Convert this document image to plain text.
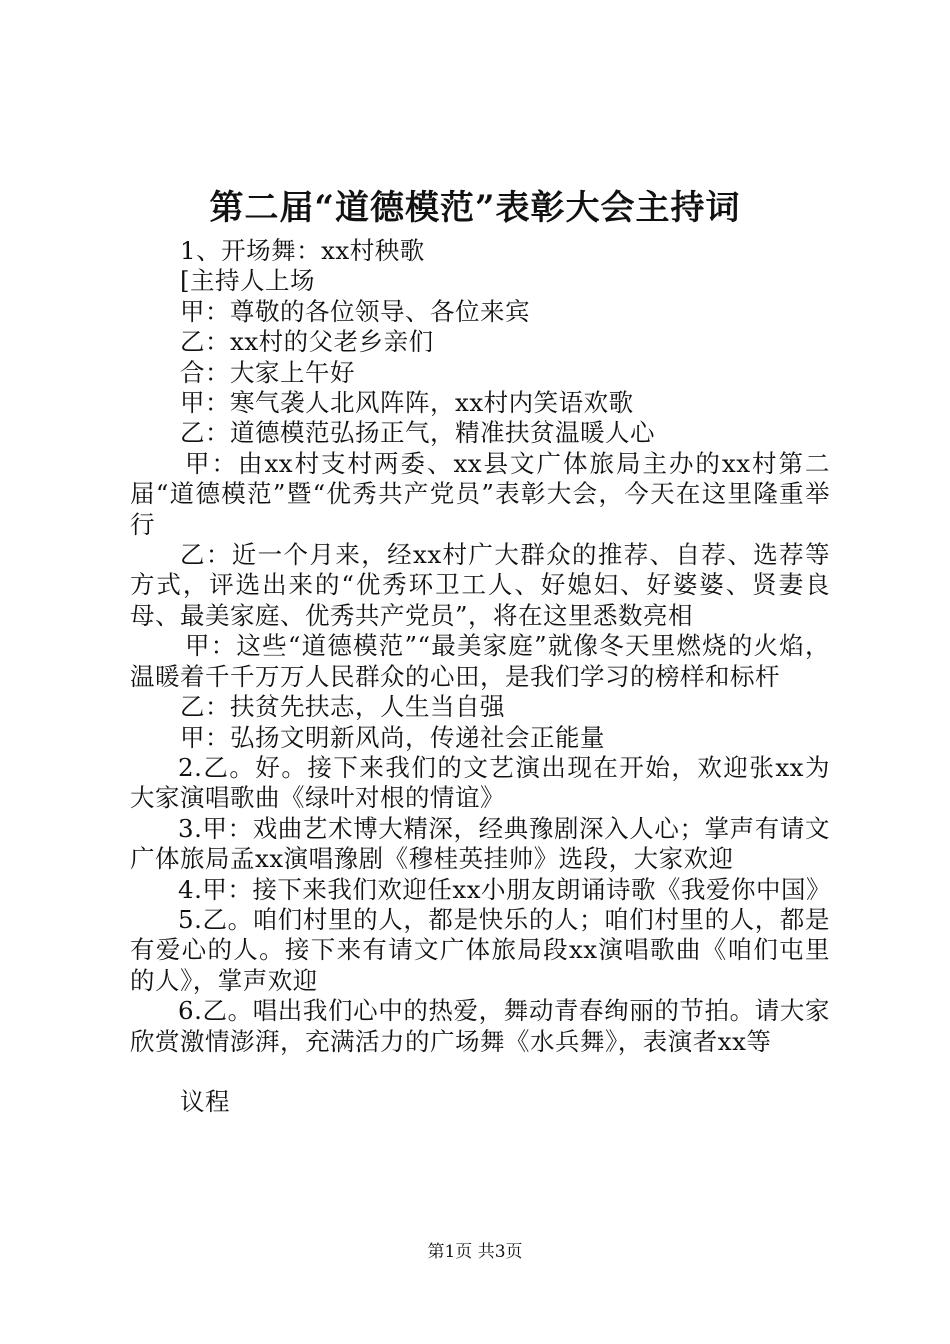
第二届“道德模范”表彰大会主持词

1、开场舞：xx村秧歌

[主持人上场

甲：尊敬的各位领导、各位来宾

乙：xx村的父老乡亲们

合：大家上午好

甲：寒气袭人北风阵阵，xx村内笑语欢歌

乙：道德模范弘扬正气，精准扶贫温暖人心

甲：由xx村支村两委、xx县文广体旅局主办的xx村第二届“道德模范”暨“优秀共产党员”表彰大会，今天在这里隆重举行

乙：近一个月来，经xx村广大群众的推荐、自荐、选荐等方式，评选出来的“优秀环卫工人、好媳妇、好婆婆、贤妻良母、最美家庭、优秀共产党员”，将在这里悉数亮相

甲：这些“道德模范”“最美家庭”就像冬天里燃烧的火焰，温暖着千千万万人民群众的心田，是我们学习的榜样和标杆

乙：扶贫先扶志，人生当自强

甲：弘扬文明新风尚，传递社会正能量

2.乙。好。接下来我们的文艺演出现在开始，欢迎张xx为大家演唱歌曲《绿叶对根的情谊》

3.甲：戏曲艺术博大精深，经典豫剧深入人心；掌声有请文广体旅局孟xx演唱豫剧《穆桂英挂帅》选段，大家欢迎

4.甲：接下来我们欢迎任xx小朋友朗诵诗歌《我爱你中国》

5.乙。咱们村里的人，都是快乐的人；咱们村里的人，都是有爱心的人。接下来有请文广体旅局段xx演唱歌曲《咱们屯里的人》，掌声欢迎

6.乙。唱出我们心中的热爱，舞动青春绚丽的节拍。请大家欣赏激情澎湃，充满活力的广场舞《水兵舞》，表演者xx等

议程

第1页 共3页
